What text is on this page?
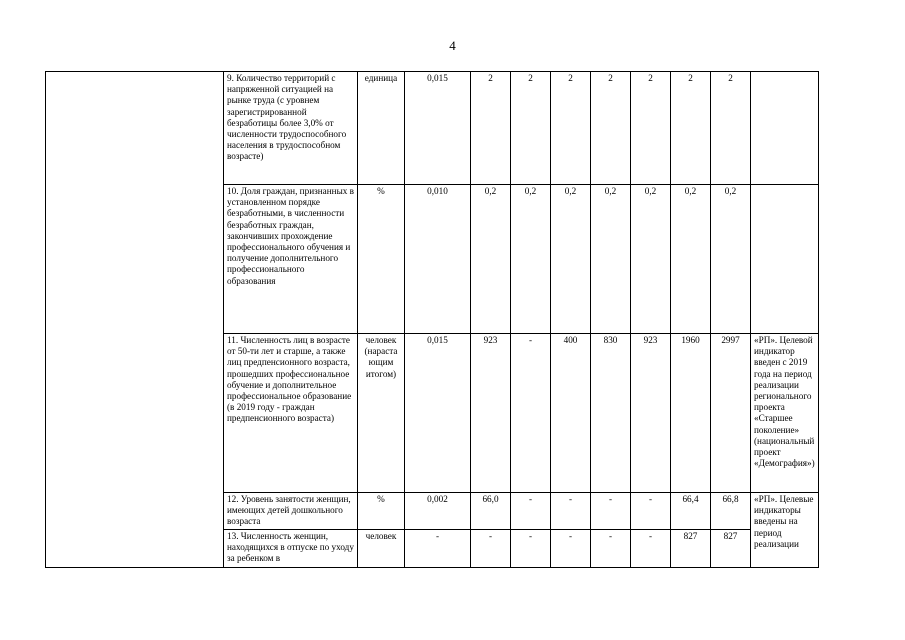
4
	9. Количество территорий с напряженной ситуацией на рынке труда (с уровнем зарегистрированной безработицы более 3,0% от численности трудоспособного населения в трудоспособном возрасте)	единица	0,015	2	2	2	2	2	2	2	
	10. Доля граждан, признанных в установленном порядке безработными, в численности безработных граждан, закончивших прохождение профессионального обучения и получение дополнительного профессионального образования	%	0,010	0,2	0,2	0,2	0,2	0,2	0,2	0,2	
	11. Численность лиц в возрасте от 50-ти лет и старше, а также лиц предпенсионного возраста, прошедших профессиональное обучение и дополнительное профессиональное образование (в 2019 году - граждан предпенсионного возраста)	человек (нараста ющим итогом)	0,015	923	-	400	830	923	1960	2997	«РП». Целевой индикатор введен с 2019 года на период реализации регионального проекта «Старшее поколение» (национальный проект «Демография»)
	12. Уровень занятости женщин, имеющих детей дошкольного возраста	%	0,002	66,0	-	-	-	-	66,4	66,8	«РП». Целевые индикаторы введены на период реализации
	13. Численность женщин, находящихся в отпуске по уходу за ребенком в	человек	-	-	-	-	-	-	827	827	
